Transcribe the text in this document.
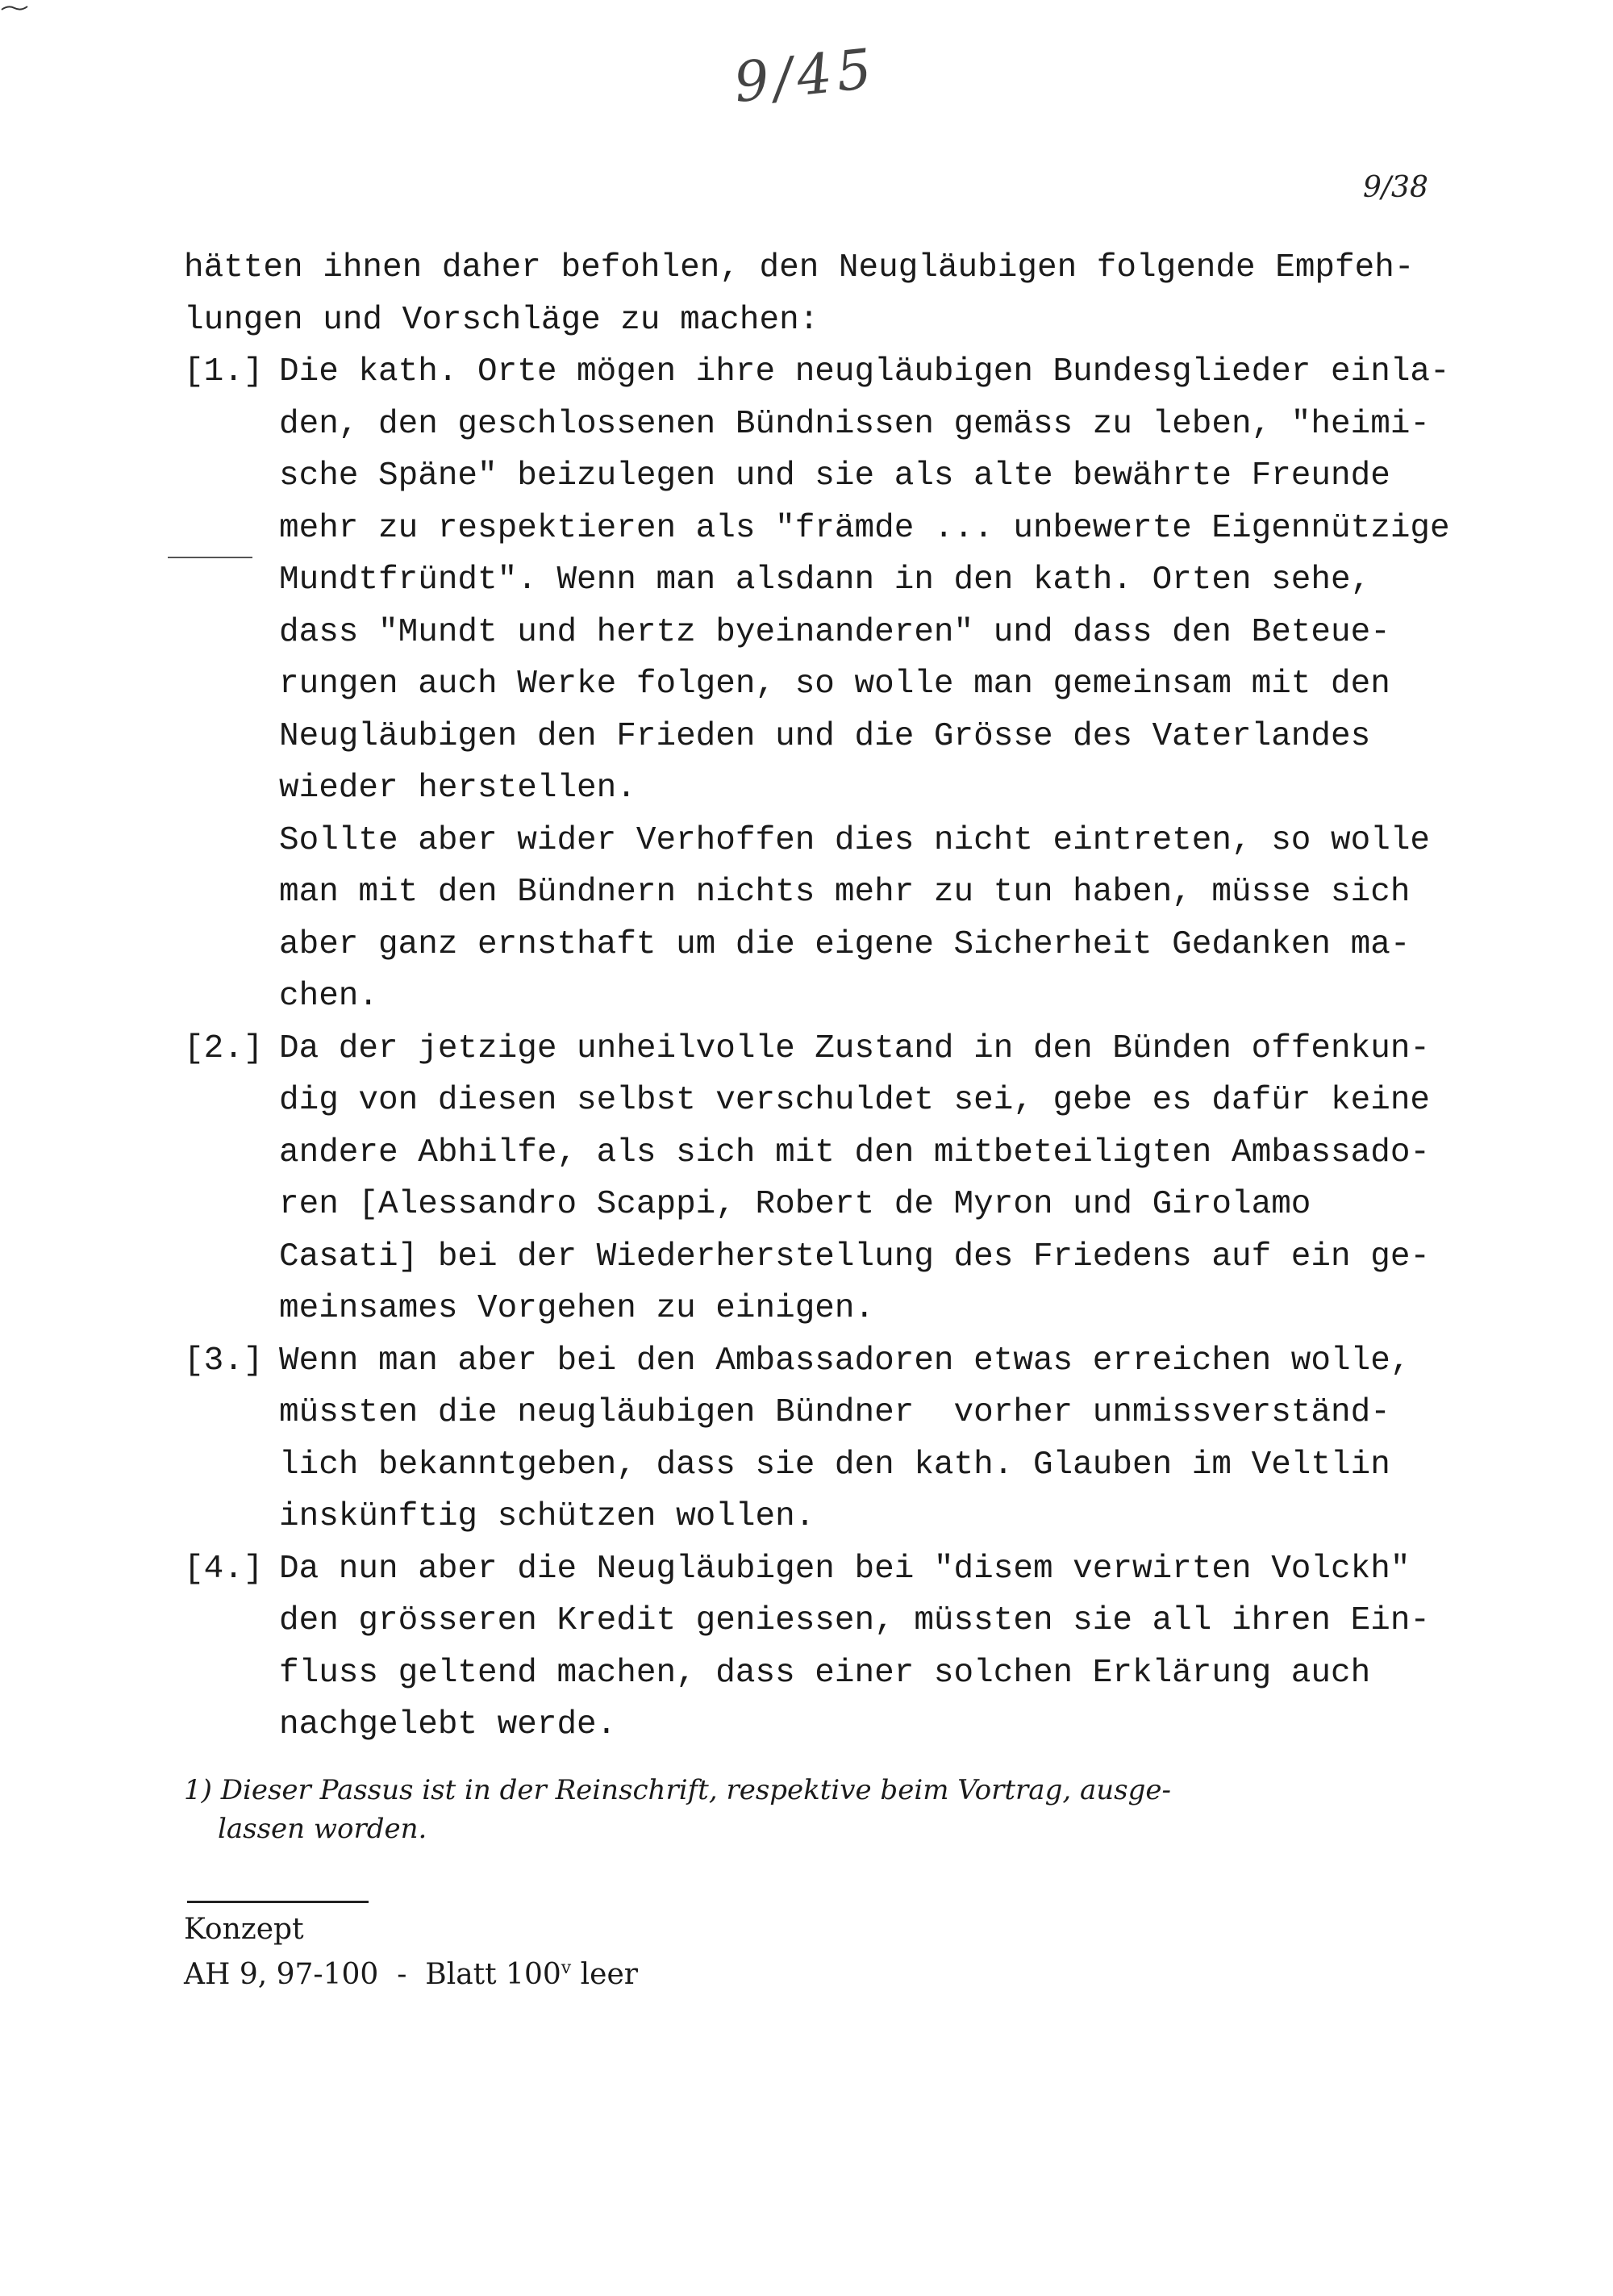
9/45
9/38
hätten ihnen daher befohlen, den Neugläubigen folgende Empfeh-
lungen und Vorschläge zu machen:
[1.] Die kath. Orte mögen ihre neugläubigen Bundesglieder einla-
den, den geschlossenen Bündnissen gemäss zu leben, "heimi-
sche Späne" beizulegen und sie als alte bewährte Freunde
mehr zu respektieren als "främde ... unbewerte Eigennützige
Mundtfründt". Wenn man alsdann in den kath. Orten sehe,
dass "Mundt und hertz byeinanderen" und dass den Beteue-
rungen auch Werke folgen, so wolle man gemeinsam mit den
Neugläubigen den Frieden und die Grösse des Vaterlandes
wieder herstellen.
Sollte aber wider Verhoffen dies nicht eintreten, so wolle
man mit den Bündnern nichts mehr zu tun haben, müsse sich
aber ganz ernsthaft um die eigene Sicherheit Gedanken ma-
chen.
[2.] Da der jetzige unheilvolle Zustand in den Bünden offenkun-
dig von diesen selbst verschuldet sei, gebe es dafür keine
andere Abhilfe, als sich mit den mitbeteiligten Ambassado-
ren [Alessandro Scappi, Robert de Myron und Girolamo
Casati] bei der Wiederherstellung des Friedens auf ein ge-
meinsames Vorgehen zu einigen.
[3.] Wenn man aber bei den Ambassadoren etwas erreichen wolle,
müssten die neugläubigen Bündner  vorher unmissverständ-
lich bekanntgeben, dass sie den kath. Glauben im Veltlin
inskünftig schützen wollen.
[4.] Da nun aber die Neugläubigen bei "disem verwirten Volckh"
den grösseren Kredit geniessen, müssten sie all ihren Ein-
fluss geltend machen, dass einer solchen Erklärung auch
nachgelebt werde.
1) Dieser Passus ist in der Reinschrift, respektive beim Vortrag, ausge-
lassen worden.
Konzept
AH 9, 97-100  -  Blatt 100$^v$ leer
